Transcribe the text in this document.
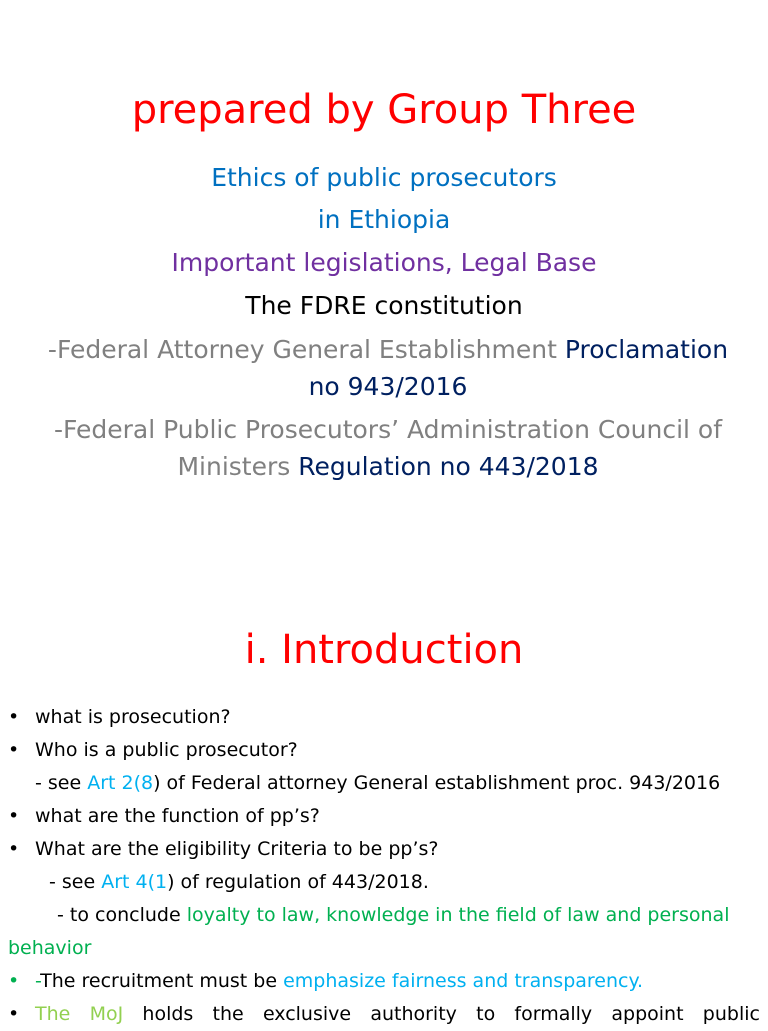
prepared by Group Three
Ethics of public prosecutors
in Ethiopia
Important legislations, Legal Base
The FDRE constitution
-Federal Attorney General Establishment Proclamation
no 943/2016
-Federal Public Prosecutors’ Administration Council of
Ministers Regulation no 443/2018
i. Introduction
• what is prosecution?
• Who is a public prosecutor?
- see Art 2(8) of Federal attorney General establishment proc. 943/2016
• what are the function of pp’s?
• What are the eligibility Criteria to be pp’s?
- see Art 4(1) of regulation of 443/2018.
- to conclude loyalty to law, knowledge in the field of law and personal
behavior
• -The recruitment must be emphasize fairness and transparency.
• The MoJ holds the exclusive authority to formally appoint public
